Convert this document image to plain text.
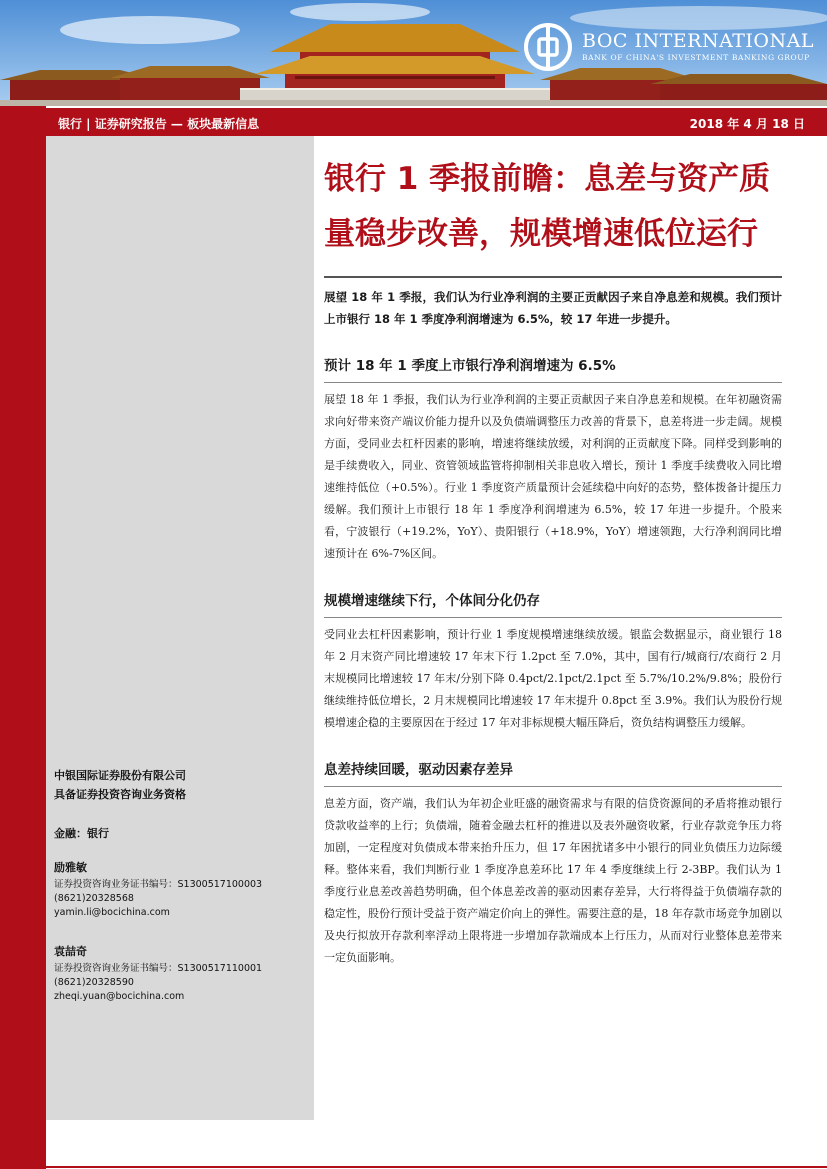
BOC INTERNATIONAL
BANK OF CHINA'S INVESTMENT BANKING GROUP
银行 | 证券研究报告 — 板块最新信息	2018 年 4 月 18 日
中银国际证券股份有限公司
具备证券投资咨询业务资格
金融：银行
励雅敏
证券投资咨询业务证书编号：S1300517100003
(8621)20328568
yamin.li@bocichina.com
袁喆奇
证券投资咨询业务证书编号：S1300517110001
(8621)20328590
zheqi.yuan@bocichina.com
银行 1 季报前瞻：息差与资产质量稳步改善，规模增速低位运行

展望 18 年 1 季报，我们认为行业净利润的主要正贡献因子来自净息差和规模。我们预计上市银行 18 年 1 季度净利润增速为 6.5%，较 17 年进一步提升。

预计 18 年 1 季度上市银行净利润增速为 6.5%

展望 18 年 1 季报，我们认为行业净利润的主要正贡献因子来自净息差和规模。在年初融资需求向好带来资产端议价能力提升以及负债端调整压力改善的背景下，息差将进一步走阔。规模方面，受同业去杠杆因素的影响，增速将继续放缓，对利润的正贡献度下降。同样受到影响的是手续费收入，同业、资管领域监管将抑制相关非息收入增长，预计 1 季度手续费收入同比增速维持低位（+0.5%）。行业 1 季度资产质量预计会延续稳中向好的态势，整体拨备计提压力缓解。我们预计上市银行 18 年 1 季度净利润增速为 6.5%，较 17 年进一步提升。个股来看，宁波银行（+19.2%，YoY）、贵阳银行（+18.9%，YoY）增速领跑，大行净利润同比增速预计在 6%-7%区间。

规模增速继续下行，个体间分化仍存

受同业去杠杆因素影响，预计行业 1 季度规模增速继续放缓。银监会数据显示，商业银行 18 年 2 月末资产同比增速较 17 年末下行 1.2pct 至 7.0%，其中，国有行/城商行/农商行 2 月末规模同比增速较 17 年末/分别下降 0.4pct/2.1pct/2.1pct 至 5.7%/10.2%/9.8%；股份行继续维持低位增长，2 月末规模同比增速较 17 年末提升 0.8pct 至 3.9%。我们认为股份行规模增速企稳的主要原因在于经过 17 年对非标规模大幅压降后，资负结构调整压力缓解。

息差持续回暖，驱动因素存差异

息差方面，资产端，我们认为年初企业旺盛的融资需求与有限的信贷资源间的矛盾将推动银行贷款收益率的上行；负债端，随着金融去杠杆的推进以及表外融资收紧，行业存款竞争压力将加剧，一定程度对负债成本带来抬升压力，但 17 年困扰诸多中小银行的同业负债压力边际缓释。整体来看，我们判断行业 1 季度净息差环比 17 年 4 季度继续上行 2-3BP。我们认为 1 季度行业息差改善趋势明确，但个体息差改善的驱动因素存差异，大行将得益于负债端存款的稳定性，股份行预计受益于资产端定价向上的弹性。需要注意的是，18 年存款市场竞争加剧以及央行拟放开存款利率浮动上限将进一步增加存款端成本上行压力，从而对行业整体息差带来一定负面影响。
